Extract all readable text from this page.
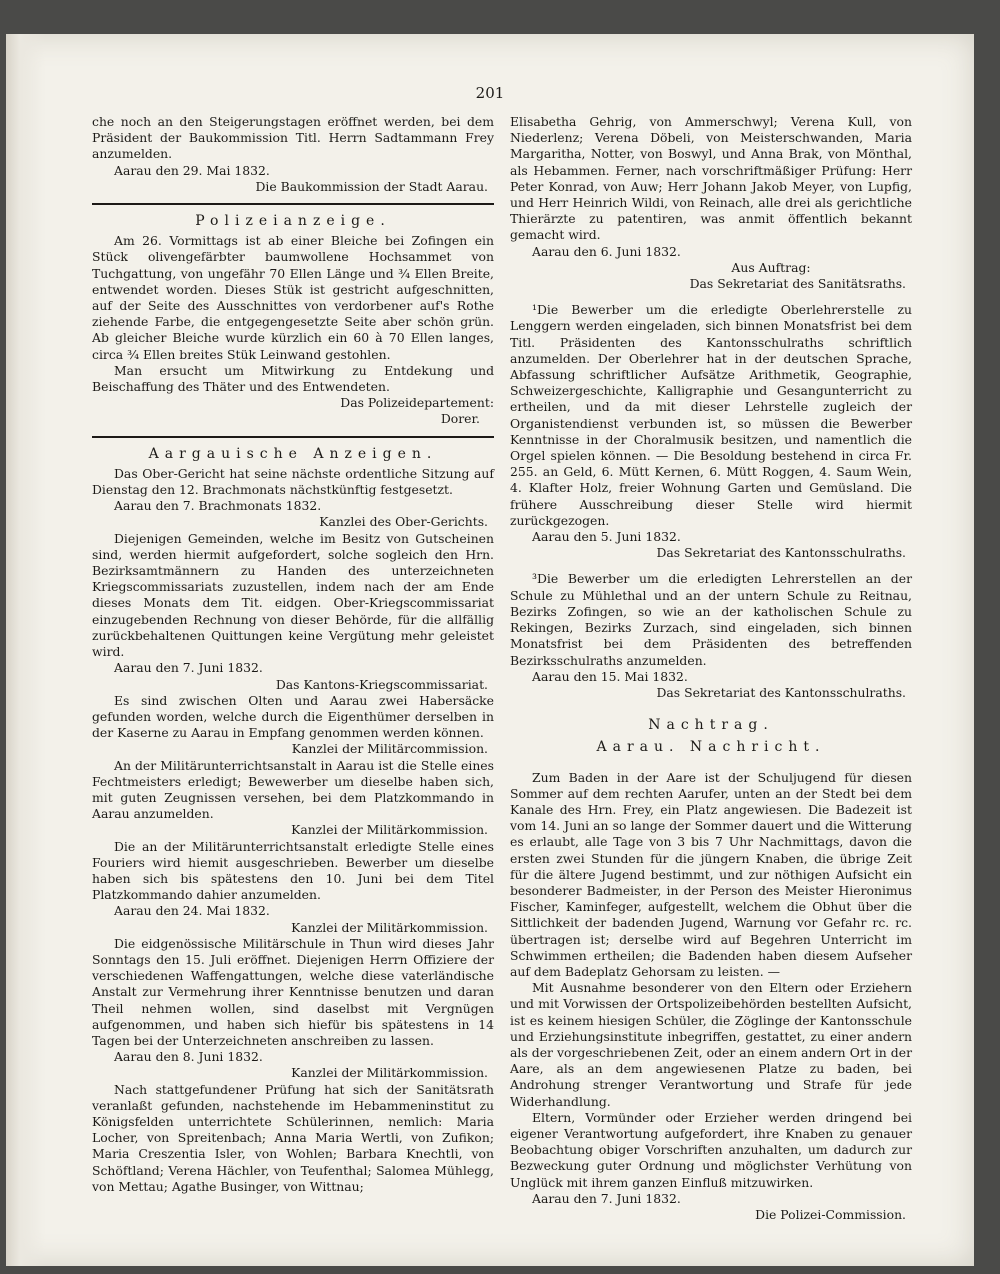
201

che noch an den Steigerungstagen eröffnet werden, bei dem Präsident der Baukommission Titl. Herrn Sadtammann Frey anzumelden.

Aarau den 29. Mai 1832.

Die Baukommission der Stadt Aarau.

Polizeianzeige.

Am 26. Vormittags ist ab einer Bleiche bei Zofingen ein Stück olivengefärbter baumwollene Hochsammet von Tuchgattung, von ungefähr 70 Ellen Länge und ¾ Ellen Breite, entwendet worden. Dieses Stük ist gestricht aufgeschnitten, auf der Seite des Ausschnittes von verdorbener auf's Rothe ziehende Farbe, die entgegengesetzte Seite aber schön grün. Ab gleicher Bleiche wurde kürzlich ein 60 à 70 Ellen langes, circa ¾ Ellen breites Stük Leinwand gestohlen.

Man ersucht um Mitwirkung zu Entdekung und Beischaffung des Thäter und des Entwendeten.

Das Polizeidepartement:

Dorer.

Aargauische Anzeigen.

Das Ober-Gericht hat seine nächste ordentliche Sitzung auf Dienstag den 12. Brachmonats nächstkünftig festgesetzt.

Aarau den 7. Brachmonats 1832.

Kanzlei des Ober-Gerichts.

Diejenigen Gemeinden, welche im Besitz von Gutscheinen sind, werden hiermit aufgefordert, solche sogleich den Hrn. Bezirksamtmännern zu Handen des unterzeichneten Kriegscommissariats zuzustellen, indem nach der am Ende dieses Monats dem Tit. eidgen. Ober-Kriegscommissariat einzugebenden Rechnung von dieser Behörde, für die allfällig zurückbehaltenen Quittungen keine Vergütung mehr geleistet wird.

Aarau den 7. Juni 1832.

Das Kantons-Kriegscommissariat.

Es sind zwischen Olten und Aarau zwei Habersäcke gefunden worden, welche durch die Eigenthümer derselben in der Kaserne zu Aarau in Empfang genommen werden können.

Kanzlei der Militärcommission.

An der Militärunterrichtsanstalt in Aarau ist die Stelle eines Fechtmeisters erledigt; Bewewerber um dieselbe haben sich, mit guten Zeugnissen versehen, bei dem Platzkommando in Aarau anzumelden.

Kanzlei der Militärkommission.

Die an der Militärunterrichtsanstalt erledigte Stelle eines Fouriers wird hiemit ausgeschrieben. Bewerber um dieselbe haben sich bis spätestens den 10. Juni bei dem Titel Platzkommando dahier anzumelden.

Aarau den 24. Mai 1832.

Kanzlei der Militärkommission.

Die eidgenössische Militärschule in Thun wird dieses Jahr Sonntags den 15. Juli eröffnet. Diejenigen Herrn Offiziere der verschiedenen Waffengattungen, welche diese vaterländische Anstalt zur Vermehrung ihrer Kenntnisse benutzen und daran Theil nehmen wollen, sind daselbst mit Vergnügen aufgenommen, und haben sich hiefür bis spätestens in 14 Tagen bei der Unterzeichneten anschreiben zu lassen.

Aarau den 8. Juni 1832.

Kanzlei der Militärkommission.

Nach stattgefundener Prüfung hat sich der Sanitätsrath veranlaßt gefunden, nachstehende im Hebammeninstitut zu Königsfelden unterrichtete Schülerinnen, nemlich: Maria Locher, von Spreitenbach; Anna Maria Wertli, von Zufikon; Maria Creszentia Isler, von Wohlen; Barbara Knechtli, von Schöftland; Verena Hächler, von Teufenthal; Salomea Mühlegg, von Mettau; Agathe Businger, von Wittnau;

Elisabetha Gehrig, von Ammerschwyl; Verena Kull, von Niederlenz; Verena Döbeli, von Meisterschwanden, Maria Margaritha, Notter, von Boswyl, und Anna Brak, von Mönthal, als Hebammen. Ferner, nach vorschriftmäßiger Prüfung: Herr Peter Konrad, von Auw; Herr Johann Jakob Meyer, von Lupfig, und Herr Heinrich Wildi, von Reinach, alle drei als gerichtliche Thierärzte zu patentiren, was anmit öffentlich bekannt gemacht wird.

Aarau den 6. Juni 1832.

Aus Auftrag:

Das Sekretariat des Sanitätsraths.

¹Die Bewerber um die erledigte Oberlehrerstelle zu Lenggern werden eingeladen, sich binnen Monatsfrist bei dem Titl. Präsidenten des Kantonsschulraths schriftlich anzumelden. Der Oberlehrer hat in der deutschen Sprache, Abfassung schriftlicher Aufsätze Arithmetik, Geographie, Schweizergeschichte, Kalligraphie und Gesangunterricht zu ertheilen, und da mit dieser Lehrstelle zugleich der Organistendienst verbunden ist, so müssen die Bewerber Kenntnisse in der Choralmusik besitzen, und namentlich die Orgel spielen können. — Die Besoldung bestehend in circa Fr. 255. an Geld, 6. Mütt Kernen, 6. Mütt Roggen, 4. Saum Wein, 4. Klafter Holz, freier Wohnung Garten und Gemüsland. Die frühere Ausschreibung dieser Stelle wird hiermit zurückgezogen.

Aarau den 5. Juni 1832.

Das Sekretariat des Kantonsschulraths.

³Die Bewerber um die erledigten Lehrerstellen an der Schule zu Mühlethal und an der untern Schule zu Reitnau, Bezirks Zofingen, so wie an der katholischen Schule zu Rekingen, Bezirks Zurzach, sind eingeladen, sich binnen Monatsfrist bei dem Präsidenten des betreffenden Bezirksschulraths anzumelden.

Aarau den 15. Mai 1832.

Das Sekretariat des Kantonsschulraths.

Nachtrag.
Aarau. Nachricht.

Zum Baden in der Aare ist der Schuljugend für diesen Sommer auf dem rechten Aarufer, unten an der Stedt bei dem Kanale des Hrn. Frey, ein Platz angewiesen. Die Badezeit ist vom 14. Juni an so lange der Sommer dauert und die Witterung es erlaubt, alle Tage von 3 bis 7 Uhr Nachmittags, davon die ersten zwei Stunden für die jüngern Knaben, die übrige Zeit für die ältere Jugend bestimmt, und zur nöthigen Aufsicht ein besonderer Badmeister, in der Person des Meister Hieronimus Fischer, Kaminfeger, aufgestellt, welchem die Obhut über die Sittlichkeit der badenden Jugend, Warnung vor Gefahr rc. rc. übertragen ist; derselbe wird auf Begehren Unterricht im Schwimmen ertheilen; die Badenden haben diesem Aufseher auf dem Badeplatz Gehorsam zu leisten. —

Mit Ausnahme besonderer von den Eltern oder Erziehern und mit Vorwissen der Ortspolizeibehörden bestellten Aufsicht, ist es keinem hiesigen Schüler, die Zöglinge der Kantonsschule und Erziehungsinstitute inbegriffen, gestattet, zu einer andern als der vorgeschriebenen Zeit, oder an einem andern Ort in der Aare, als an dem angewiesenen Platze zu baden, bei Androhung strenger Verantwortung und Strafe für jede Widerhandlung.

Eltern, Vormünder oder Erzieher werden dringend bei eigener Verantwortung aufgefordert, ihre Knaben zu genauer Beobachtung obiger Vorschriften anzuhalten, um dadurch zur Bezweckung guter Ordnung und möglichster Verhütung von Unglück mit ihrem ganzen Einfluß mitzuwirken.

Aarau den 7. Juni 1832.

Die Polizei-Commission.
